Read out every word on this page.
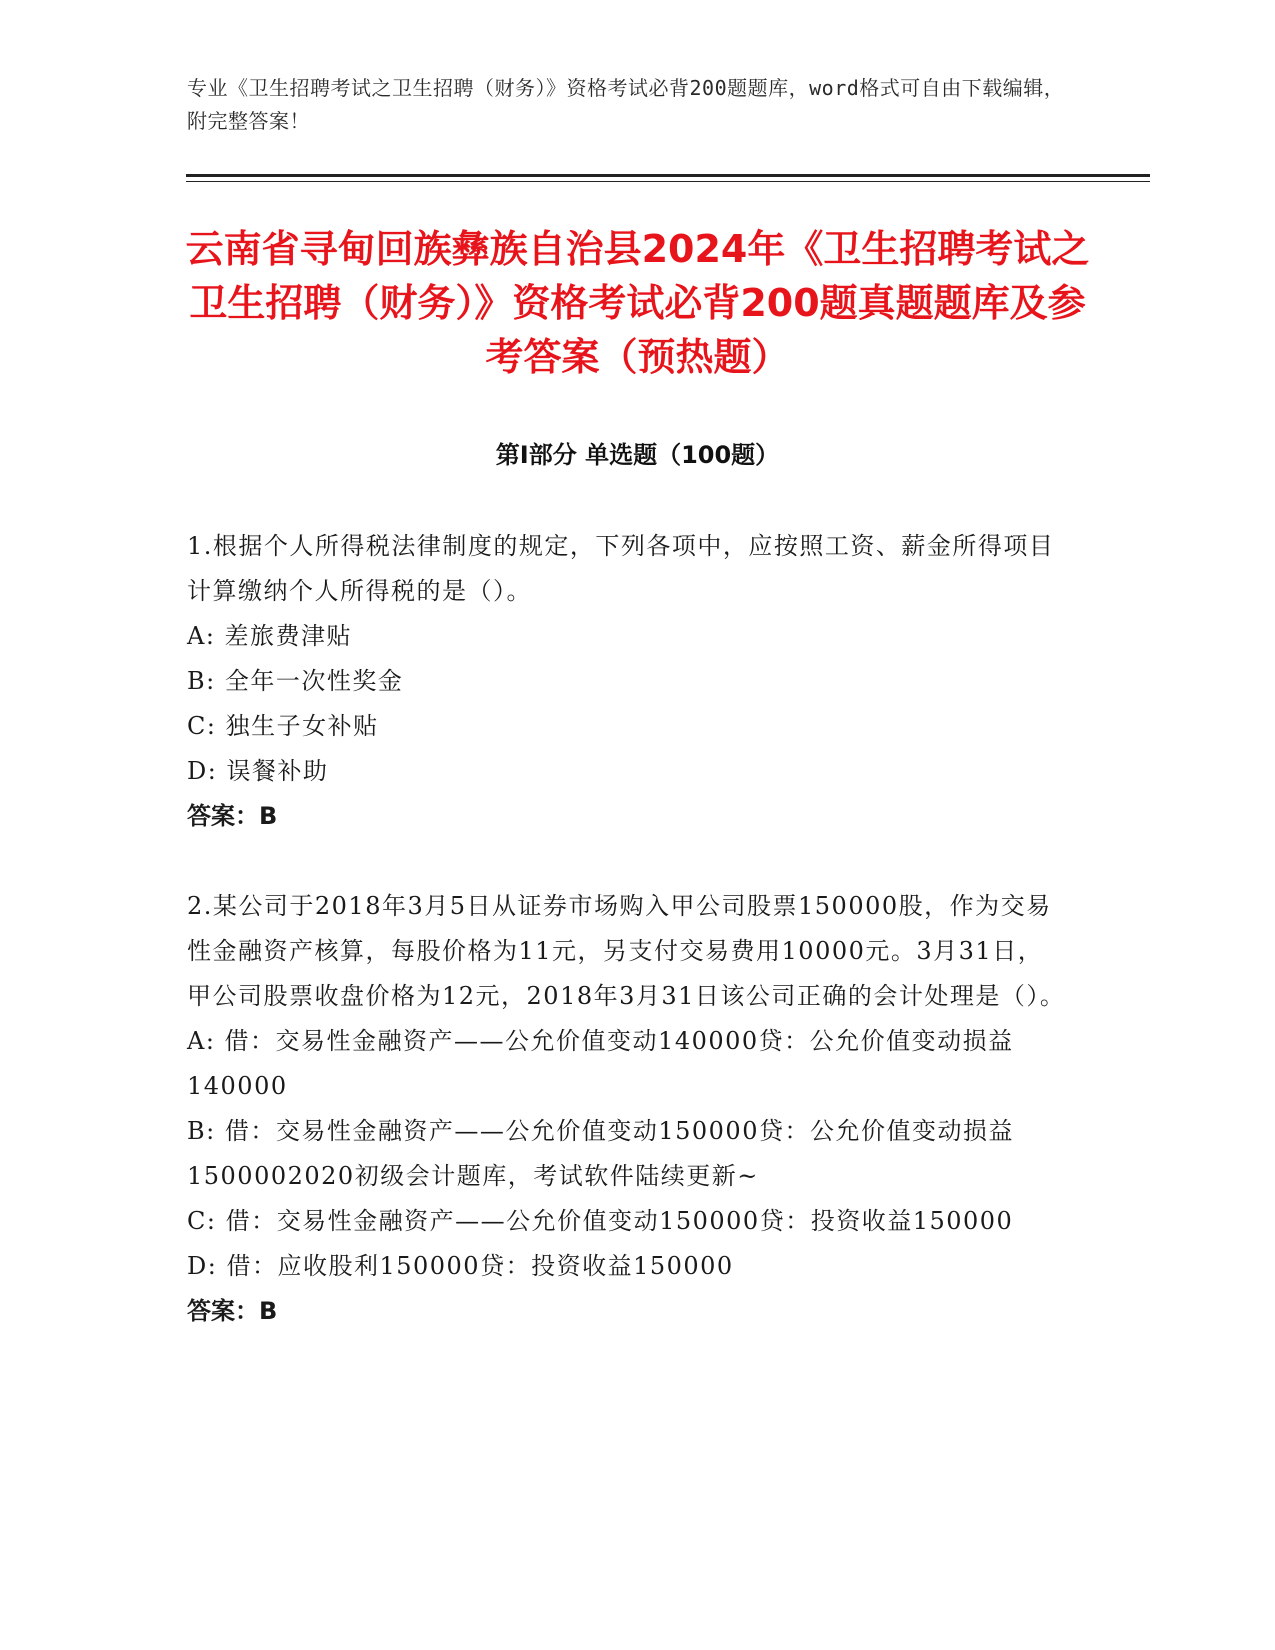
专业《卫生招聘考试之卫生招聘（财务）》资格考试必背200题题库，word格式可自由下载编辑，附完整答案！
云南省寻甸回族彝族自治县2024年《卫生招聘考试之卫生招聘（财务）》资格考试必背200题真题题库及参考答案（预热题）
第I部分 单选题（100题）

1.根据个人所得税法律制度的规定，下列各项中，应按照工资、薪金所得项目计算缴纳个人所得税的是（）。

A: 差旅费津贴

B: 全年一次性奖金

C: 独生子女补贴

D: 误餐补助

答案：B

2.某公司于2018年3月5日从证券市场购入甲公司股票150000股，作为交易性金融资产核算，每股价格为11元，另支付交易费用10000元。3月31日，甲公司股票收盘价格为12元，2018年3月31日该公司正确的会计处理是（）。

A: 借：交易性金融资产——公允价值变动140000贷：公允价值变动损益140000

B: 借：交易性金融资产——公允价值变动150000贷：公允价值变动损益1500002020初级会计题库，考试软件陆续更新~

C: 借：交易性金融资产——公允价值变动150000贷：投资收益150000

D: 借：应收股利150000贷：投资收益150000

答案：B
